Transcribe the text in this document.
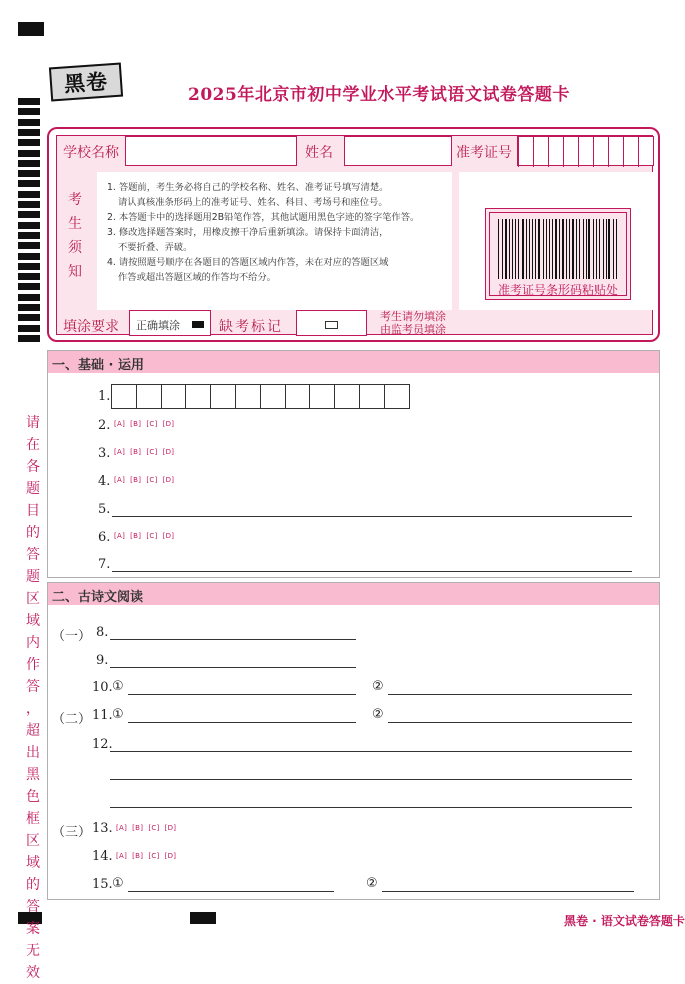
黑卷	2025年北京市初中学业水平考试语文试卷答题卡
学校名称	姓名	准考证号
考
生
须
知

1. 答题前，考生务必将自己的学校名称、姓名、准考证号填写清楚。

请认真核准条形码上的准考证号、姓名、科目、考场号和座位号。

2. 本答题卡中的选择题用2B铅笔作答，其他试题用黑色字迹的签字笔作答。

3. 修改选择题答案时，用橡皮擦干净后重新填涂。请保持卡面清洁，

不要折叠、弄破。

4. 请按照题号顺序在各题目的答题区域内作答，未在对应的答题区域

作答或超出答题区域的作答均不给分。

准考证号条形码粘贴处
填涂要求 正确填涂	缺考标记
考生请勿填涂
由监考员填涂
请
在
各
题
目
的
答
题
区
域
内
作
答
，
超
出
黑
色
框
区
域
的
答
案
无
效
一、基础 · 运用
1.
2. [A] [B] [C] [D]
3. [A] [B] [C] [D]
4. [A] [B] [C] [D]
5.
6. [A] [B] [C] [D]
7.
二、古诗文阅读
（一） 8.
9.
10. ①	②
（二） 11. ①	②
12.
（三） 13. [A] [B] [C] [D]
14. [A] [B] [C] [D]
15. ①	②
黑卷 · 语文试卷答题卡
